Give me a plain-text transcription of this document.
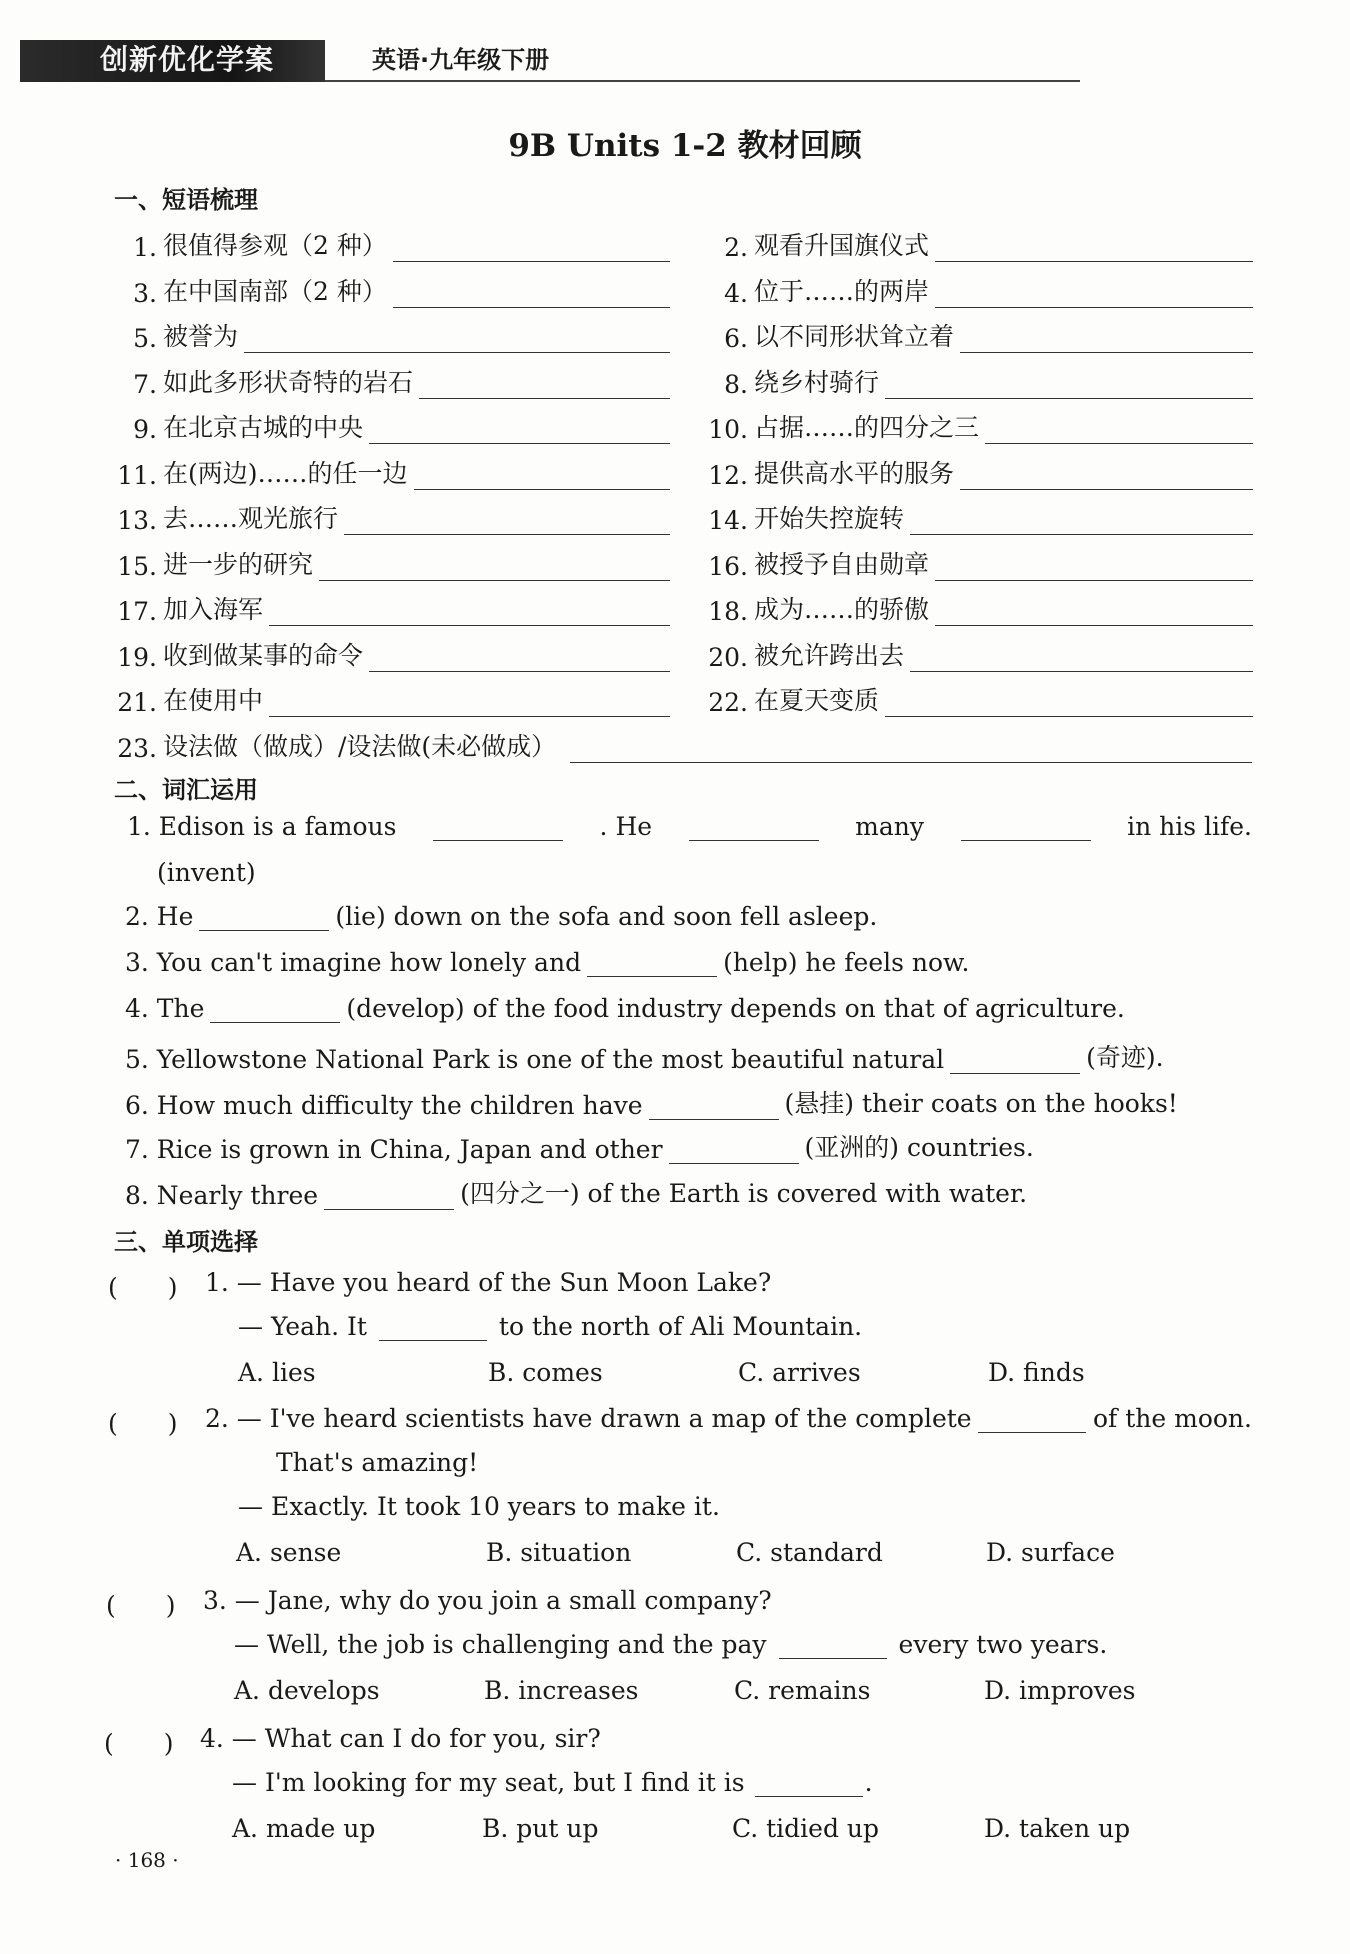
创新优化学案	英语·九年级下册
9B Units 1-2 教材回顾
一、短语梳理
1. 很值得参观（2 种）	2. 观看升国旗仪式
3. 在中国南部（2 种）	4. 位于……的两岸
5. 被誉为	6. 以不同形状耸立着
7. 如此多形状奇特的岩石	8. 绕乡村骑行
9. 在北京古城的中央	10. 占据……的四分之三
11. 在(两边)……的任一边	12. 提供高水平的服务
13. 去……观光旅行	14. 开始失控旋转
15. 进一步的研究	16. 被授予自由勋章
17. 加入海军	18. 成为……的骄傲
19. 收到做某事的命令	20. 被允许跨出去
21. 在使用中	22. 在夏天变质
23. 设法做（做成）/设法做(未必做成）
二、词汇运用
1. Edison is a famous	. He	many	in his life.
(invent)
2. He	(lie) down on the sofa and soon fell asleep.
3. You can't imagine how lonely and	(help) he feels now.
4. The	(develop) of the food industry depends on that of agriculture.
5. Yellowstone National Park is one of the most beautiful natural	(奇迹).
6. How much difficulty the children have	(悬挂) their coats on the hooks!
7. Rice is grown in China, Japan and other	(亚洲的) countries.
8. Nearly three	(四分之一) of the Earth is covered with water.
三、单项选择
(　　) 1. — Have you heard of the Sun Moon Lake?
— Yeah. It	to the north of Ali Mountain.
A. lies	B. comes	C. arrives	D. finds
(　　) 2. — I've heard scientists have drawn a map of the complete	of the moon.
That's amazing!
— Exactly. It took 10 years to make it.
A. sense	B. situation	C. standard	D. surface
(　　) 3. — Jane, why do you join a small company?
— Well, the job is challenging and the pay	every two years.
A. develops	B. increases	C. remains	D. improves
(　　) 4. — What can I do for you, sir?
— I'm looking for my seat, but I find it is	.
A. made up	B. put up	C. tidied up	D. taken up
· 168 ·
